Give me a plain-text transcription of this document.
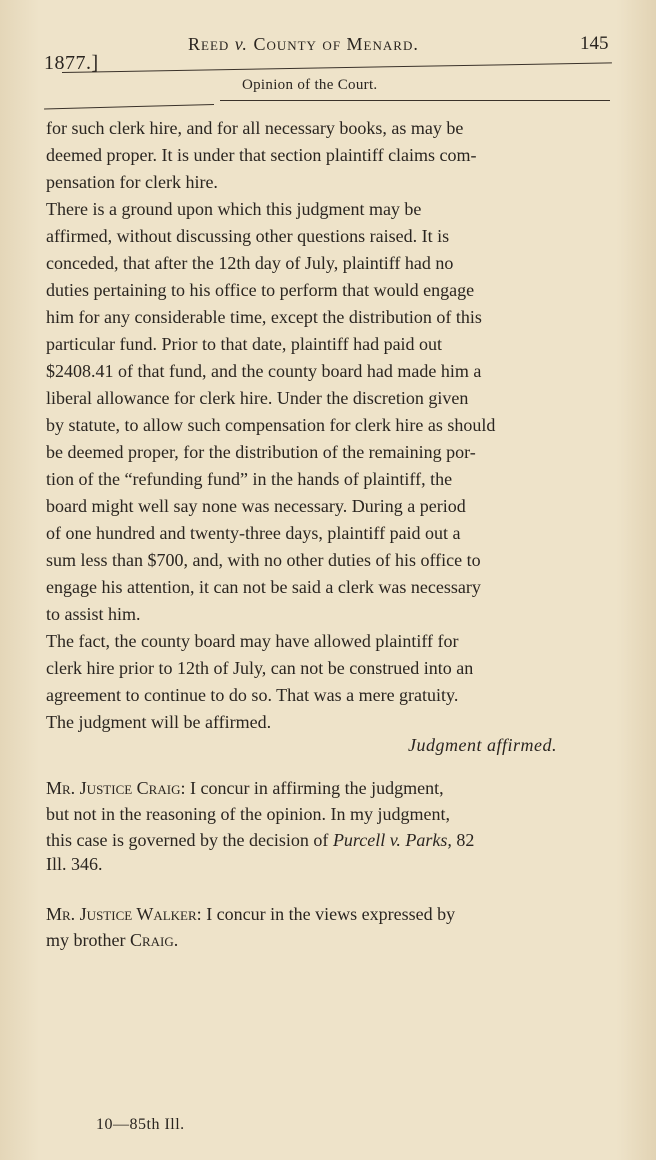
1877.]
Reed v. County of Menard.	145
Opinion of the Court.
for such clerk hire, and for all necessary books, as may be
deemed proper. It is under that section plaintiff claims com-
pensation for clerk hire.
There is a ground upon which this judgment may be
affirmed, without discussing other questions raised. It is
conceded, that after the 12th day of July, plaintiff had no
duties pertaining to his office to perform that would engage
him for any considerable time, except the distribution of this
particular fund. Prior to that date, plaintiff had paid out
$2408.41 of that fund, and the county board had made him a
liberal allowance for clerk hire. Under the discretion given
by statute, to allow such compensation for clerk hire as should
be deemed proper, for the distribution of the remaining por-
tion of the “refunding fund” in the hands of plaintiff, the
board might well say none was necessary. During a period
of one hundred and twenty-three days, plaintiff paid out a
sum less than $700, and, with no other duties of his office to
engage his attention, it can not be said a clerk was necessary
to assist him.
The fact, the county board may have allowed plaintiff for
clerk hire prior to 12th of July, can not be construed into an
agreement to continue to do so. That was a mere gratuity.
The judgment will be affirmed.
Judgment affirmed.
Mr. Justice Craig: I concur in affirming the judgment,
but not in the reasoning of the opinion. In my judgment,
this case is governed by the decision of Purcell v. Parks, 82
Ill. 346.
Mr. Justice Walker: I concur in the views expressed by
my brother Craig.
10—85th Ill.
